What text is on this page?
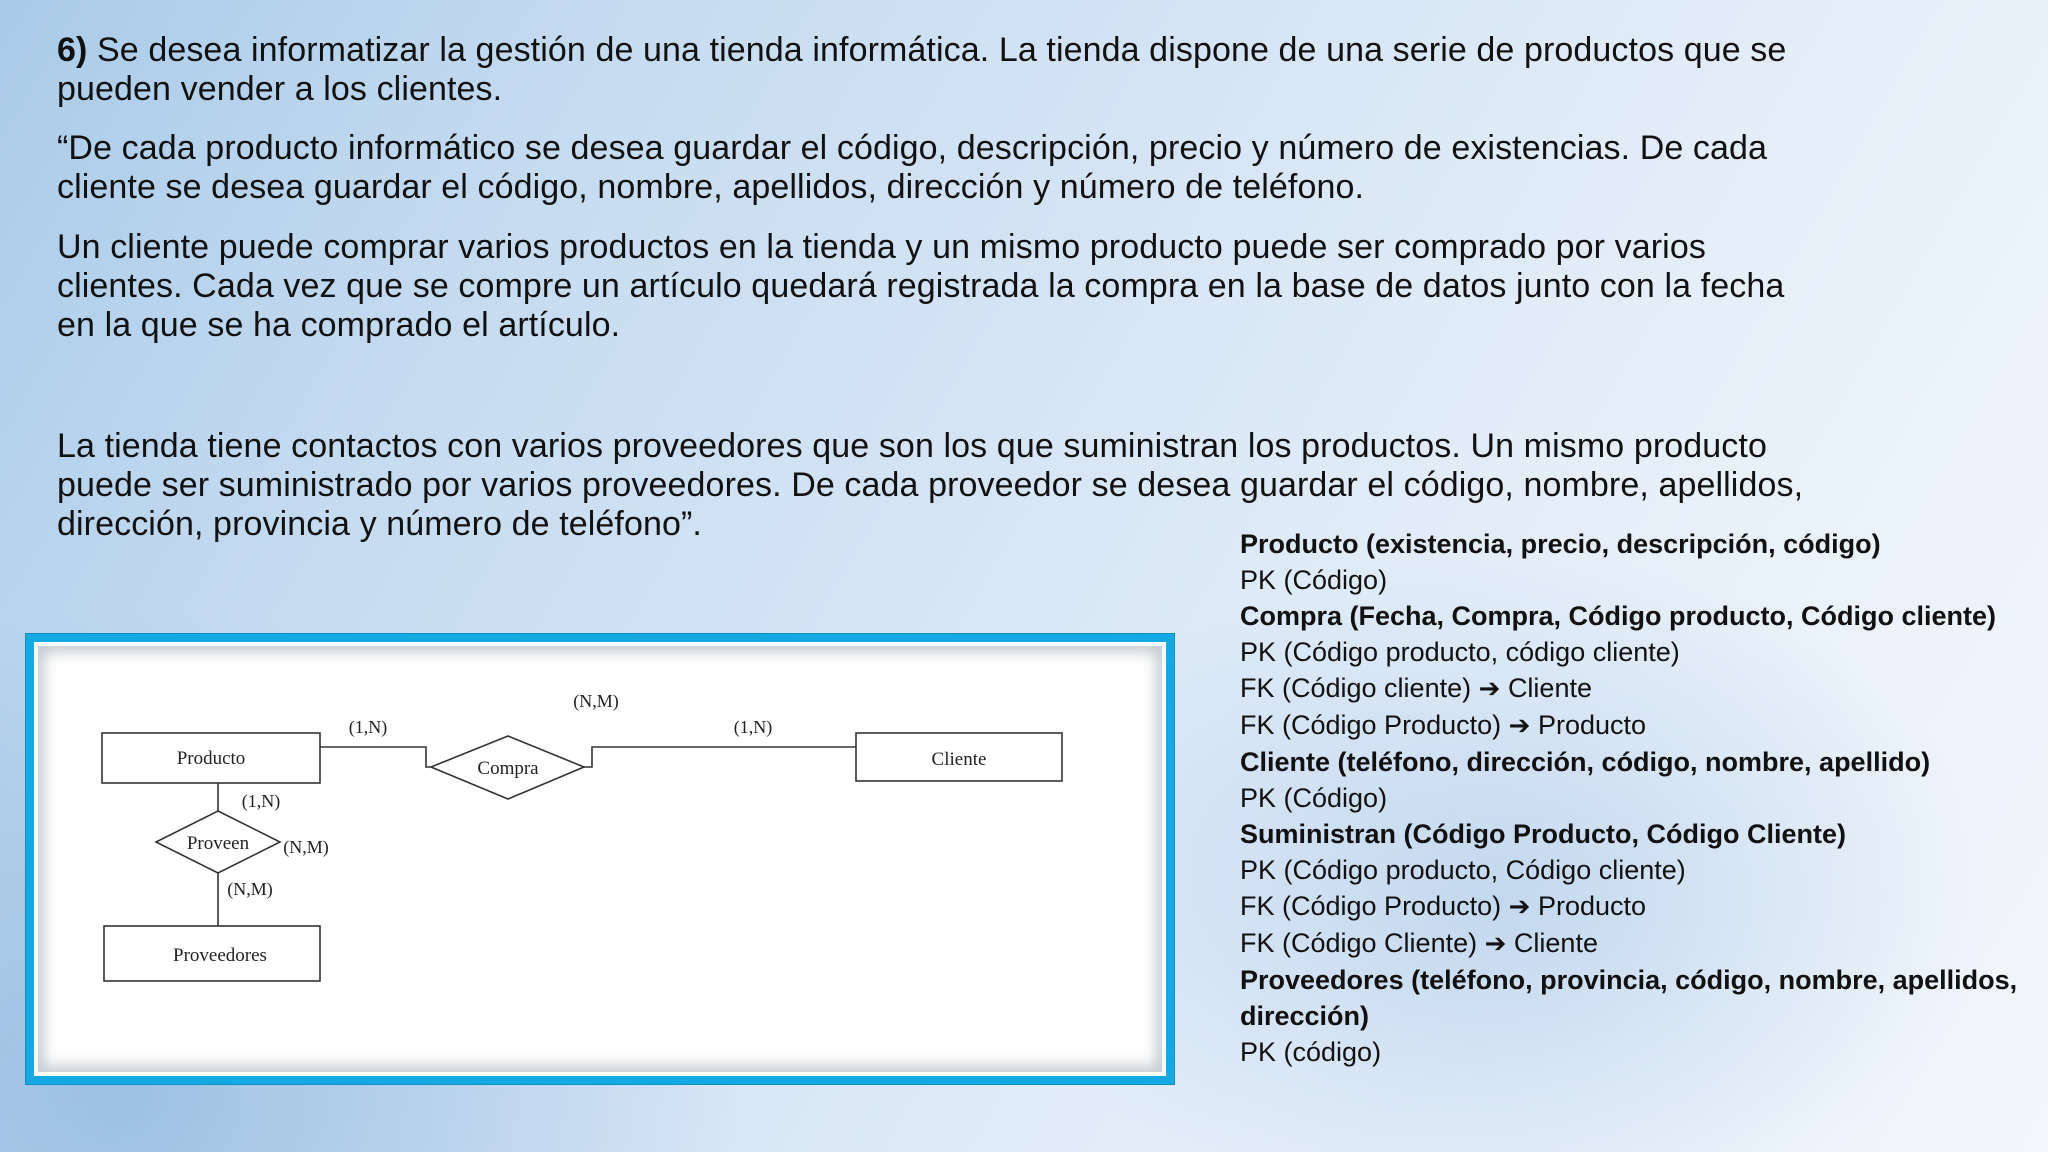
6) Se desea informatizar la gestión de una tienda informática. La tienda dispone de una serie de productos que se pueden vender a los clientes.

“De cada producto informático se desea guardar el código, descripción, precio y número de existencias. De cada cliente se desea guardar el código, nombre, apellidos, dirección y número de teléfono.

Un cliente puede comprar varios productos en la tienda y un mismo producto puede ser comprado por varios clientes. Cada vez que se compre un artículo quedará registrada la compra en la base de datos junto con la fecha en la que se ha comprado el artículo.

La tienda tiene contactos con varios proveedores que son los que suministran los productos. Un mismo producto puede ser suministrado por varios proveedores. De cada proveedor se desea guardar el código, nombre, apellidos, dirección, provincia y número de teléfono”.

Producto	Cliente
Proveedores
Compra
Proveen
(1,N)	(1,N)
(N,M)
(1,N)
(N,M)
(N,M)
Producto (existencia, precio, descripción, código)
PK (Código)
Compra (Fecha, Compra, Código producto, Código cliente)
PK (Código producto, código cliente)
FK (Código cliente) ➔ Cliente
FK (Código Producto) ➔ Producto
Cliente (teléfono, dirección, código, nombre, apellido)
PK (Código)
Suministran (Código Producto, Código Cliente)
PK (Código producto, Código cliente)
FK (Código Producto) ➔ Producto
FK (Código Cliente) ➔ Cliente
Proveedores (teléfono, provincia, código, nombre, apellidos, dirección)
PK (código)
